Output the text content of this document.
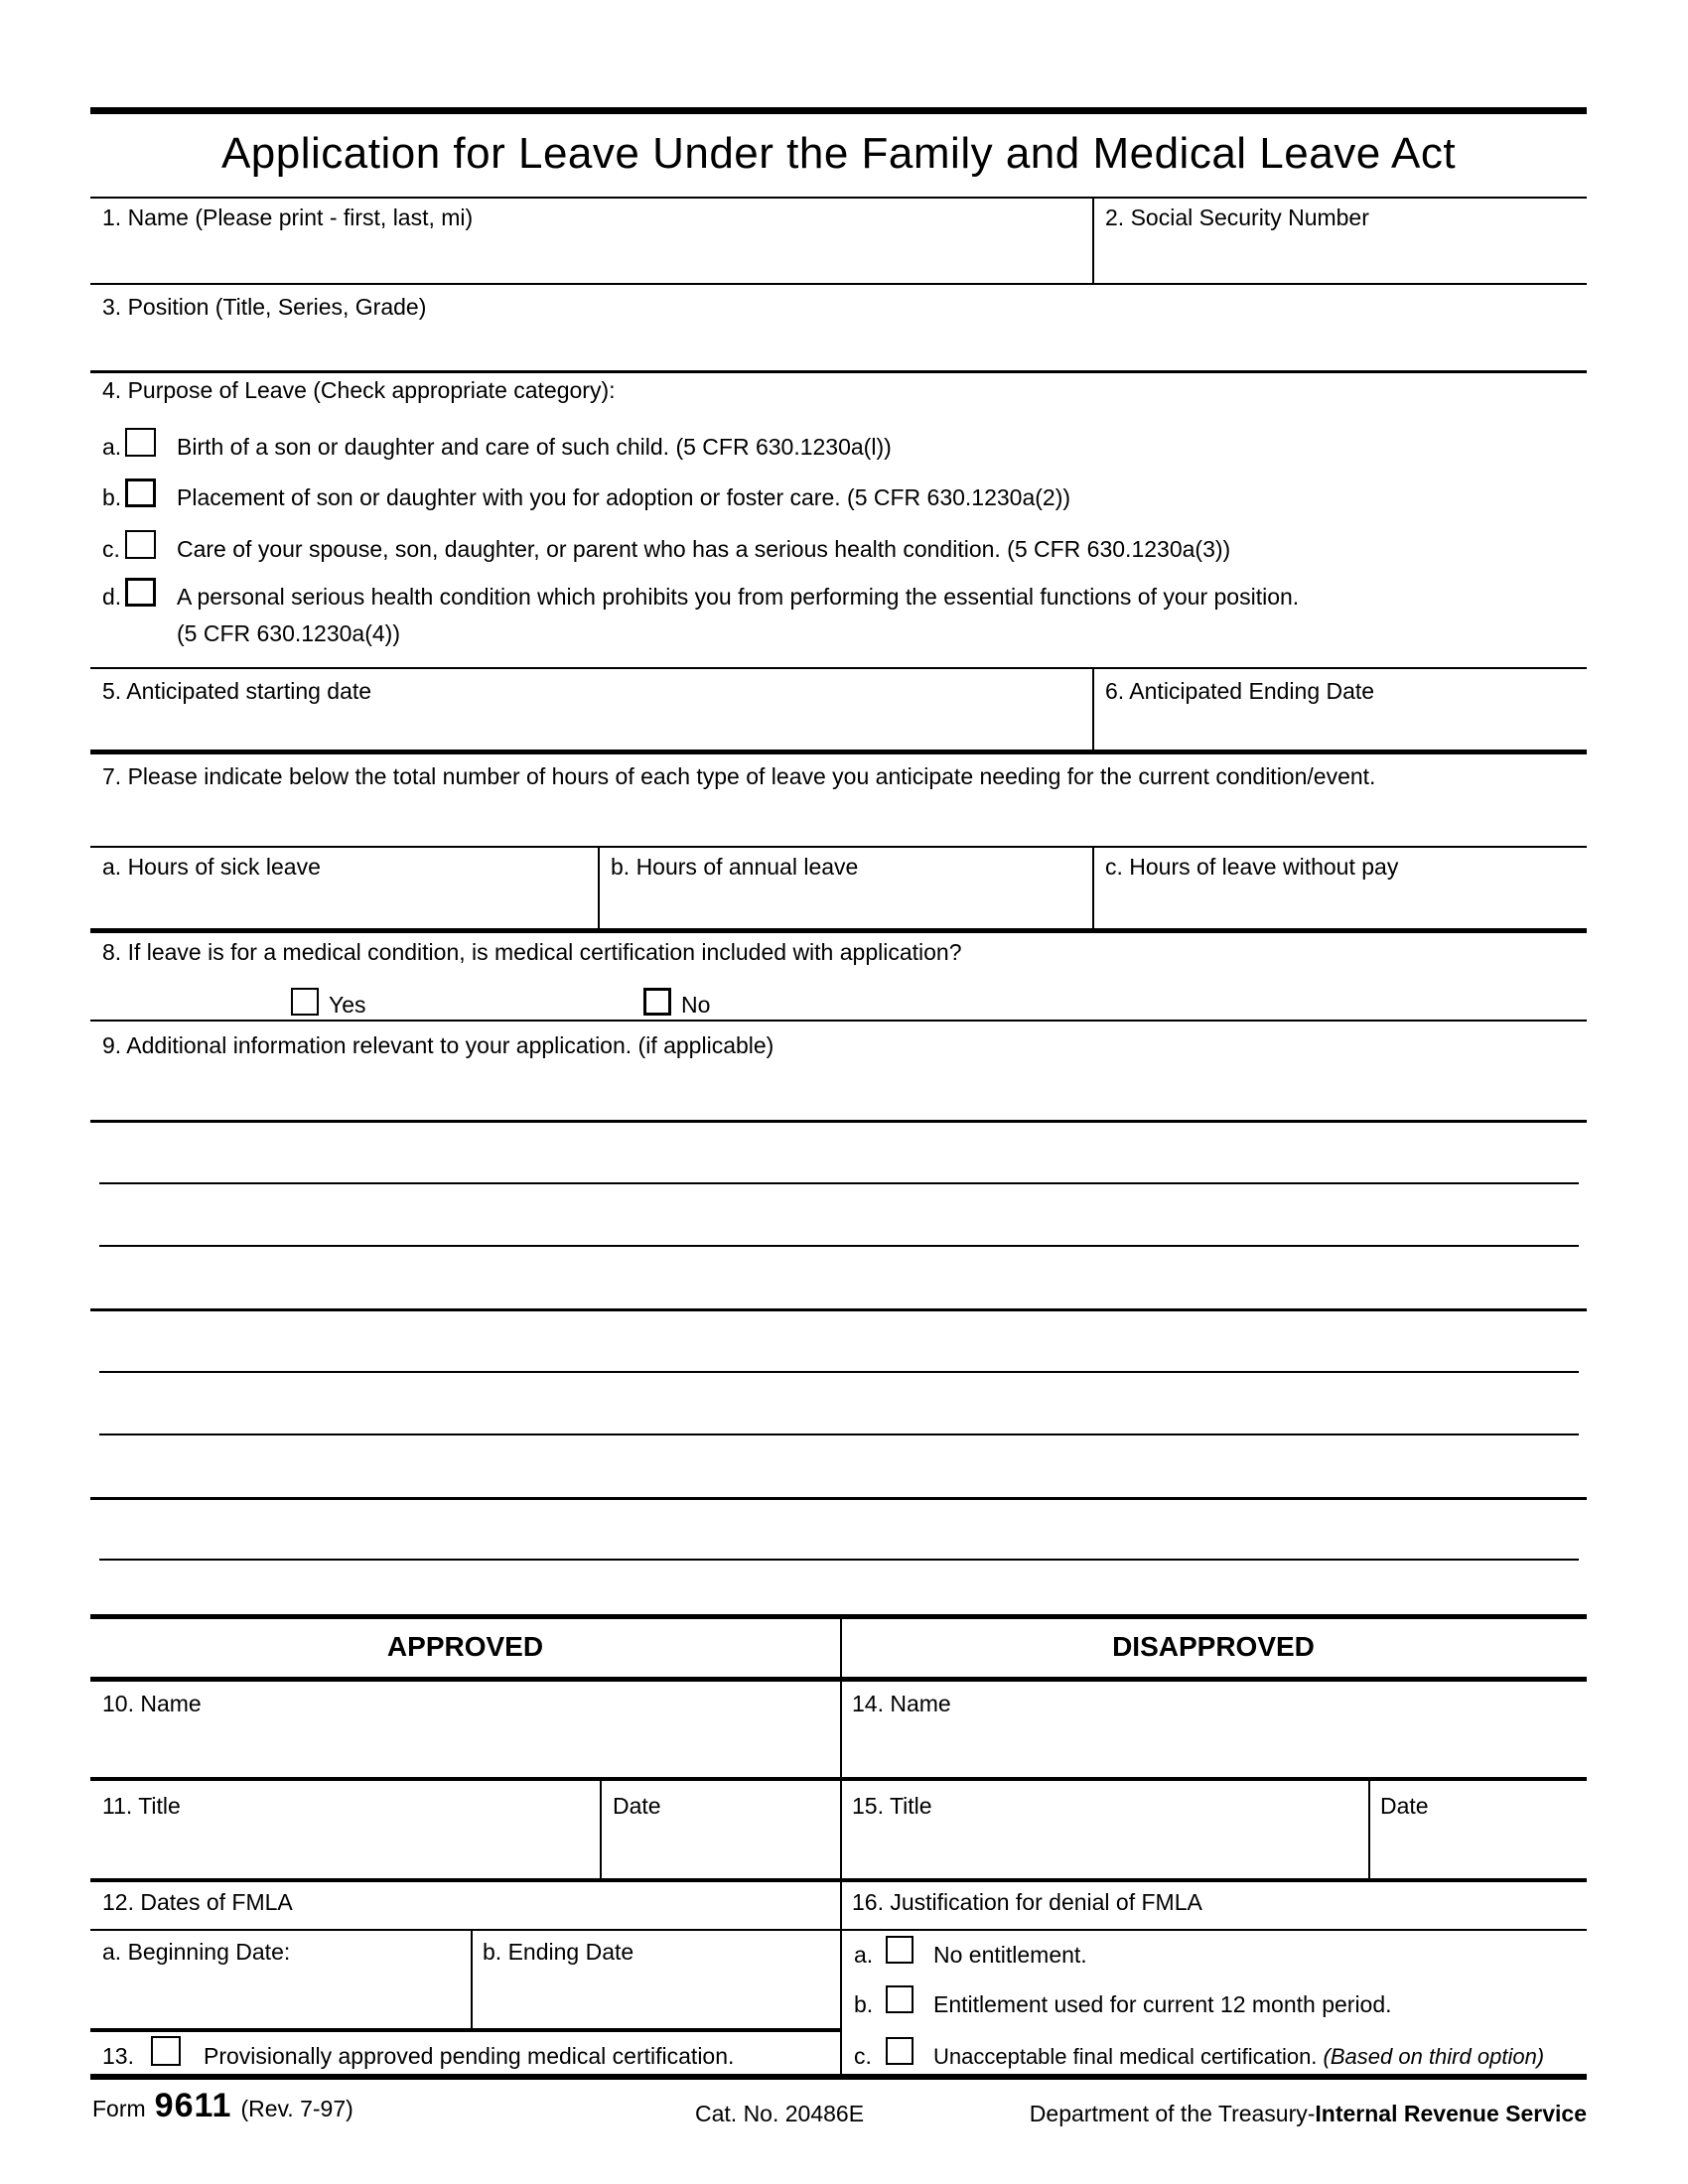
Application for Leave Under the Family and Medical Leave Act
1. Name (Please print - first, last, mi)	2. Social Security Number
3. Position (Title, Series, Grade)
4. Purpose of Leave (Check appropriate category):
a. Birth of a son or daughter and care of such child. (5 CFR 630.1230a(l))
b. Placement of son or daughter with you for adoption or foster care. (5 CFR 630.1230a(2))
c. Care of your spouse, son, daughter, or parent who has a serious health condition. (5 CFR 630.1230a(3))
d. A personal serious health condition which prohibits you from performing the essential functions of your position.
(5 CFR 630.1230a(4))
5. Anticipated starting date	6. Anticipated Ending Date
7. Please indicate below the total number of hours of each type of leave you anticipate needing for the current condition/event.
a. Hours of sick leave	b. Hours of annual leave	c. Hours of leave without pay
8. If leave is for a medical condition, is medical certification included with application?
Yes	No
9. Additional information relevant to your application. (if applicable)
APPROVED	DISAPPROVED
10. Name	14. Name
11. Title	Date	15. Title	Date
12. Dates of FMLA	16. Justification for denial of FMLA
a. Beginning Date:	b. Ending Date
13.	Provisionally approved pending medical certification.
a.	No entitlement.
b.	Entitlement used for current 12 month period.
c.	Unacceptable final medical certification. (Based on third option)
Form 9611 (Rev. 7-97)	Cat. No. 20486E	Department of the Treasury-Internal Revenue Service
